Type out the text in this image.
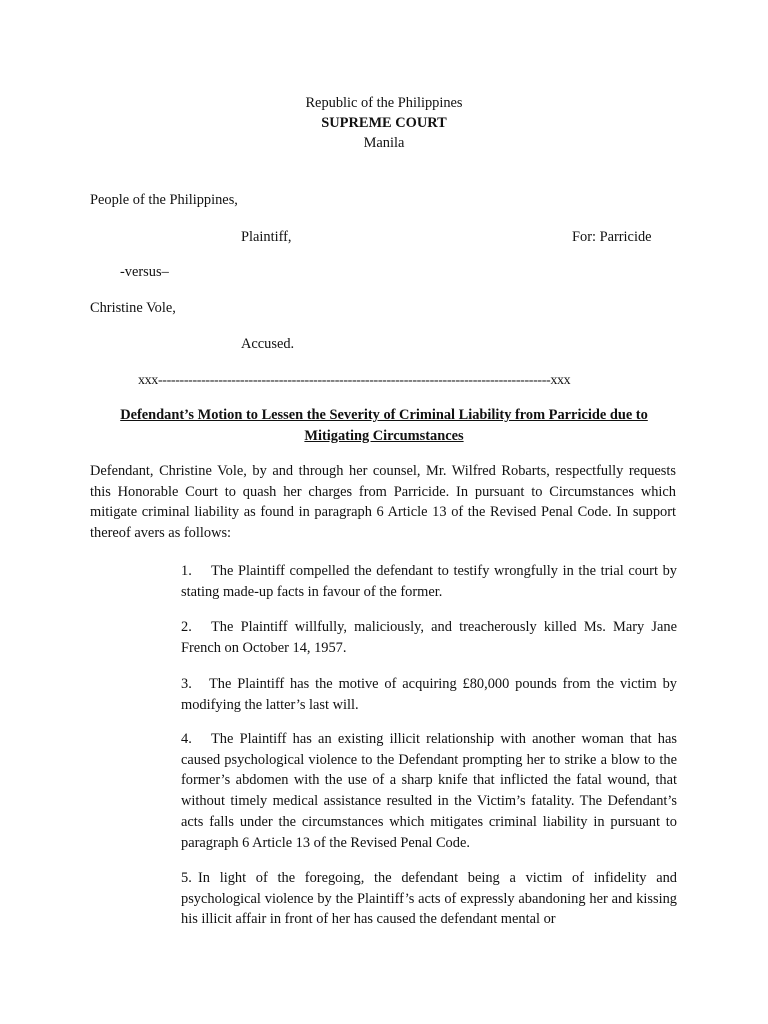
Republic of the Philippines
SUPREME COURT
Manila
People of the Philippines,
Plaintiff,	For: Parricide
-versus–
Christine Vole,
Accused.
xxx-------------------------------------------------------------------------------------------xxx
Defendant’s Motion to Lessen the Severity of Criminal Liability from Parricide due to Mitigating Circumstances
Defendant, Christine Vole, by and through her counsel, Mr. Wilfred Robarts, respectfully requests this Honorable Court to quash her charges from Parricide. In pursuant to Circumstances which mitigate criminal liability as found in paragraph 6 Article 13 of the Revised Penal Code. In support thereof avers as follows:
1. The Plaintiff compelled the defendant to testify wrongfully in the trial court by stating made-up facts in favour of the former.
2. The Plaintiff willfully, maliciously, and treacherously killed Ms. Mary Jane French on October 14, 1957.
3. The Plaintiff has the motive of acquiring £80,000 pounds from the victim by modifying the latter’s last will.
4. The Plaintiff has an existing illicit relationship with another woman that has caused psychological violence to the Defendant prompting her to strike a blow to the former’s abdomen with the use of a sharp knife that inflicted the fatal wound, that without timely medical assistance resulted in the Victim’s fatality. The Defendant’s acts falls under the circumstances which mitigates criminal liability in pursuant to paragraph 6 Article 13 of the Revised Penal Code.
5. In light of the foregoing, the defendant being a victim of infidelity and psychological violence by the Plaintiff’s acts of expressly abandoning her and kissing his illicit affair in front of her has caused the defendant mental or
